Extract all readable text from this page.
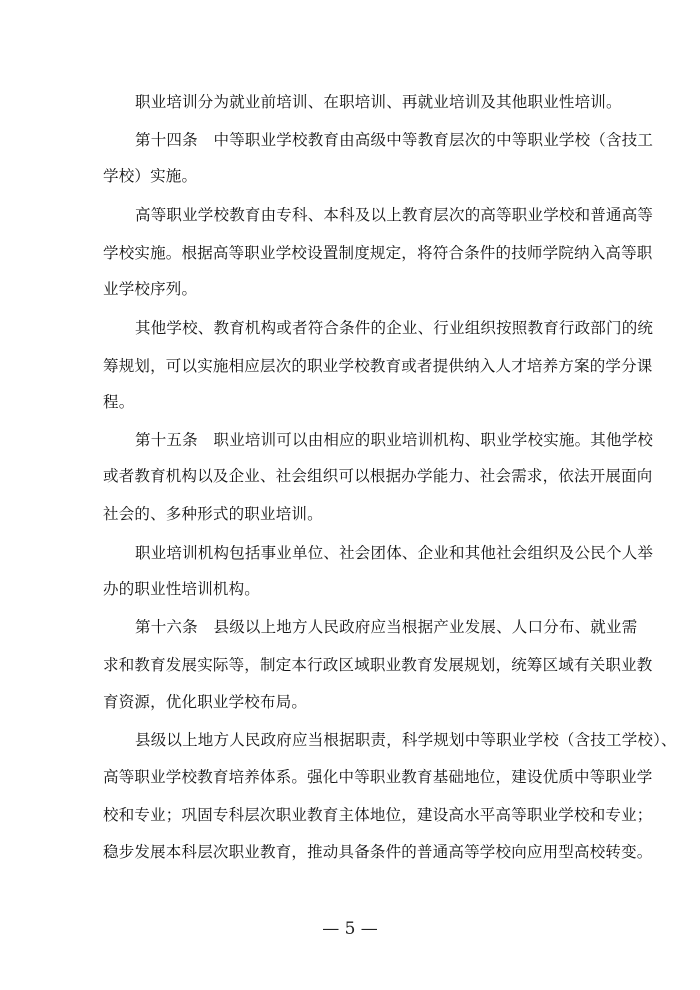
职业培训分为就业前培训、在职培训、再就业培训及其他职业性培训。
第十四条　中等职业学校教育由高级中等教育层次的中等职业学校（含技工
学校）实施。
高等职业学校教育由专科、本科及以上教育层次的高等职业学校和普通高等
学校实施。根据高等职业学校设置制度规定，将符合条件的技师学院纳入高等职
业学校序列。
其他学校、教育机构或者符合条件的企业、行业组织按照教育行政部门的统
筹规划，可以实施相应层次的职业学校教育或者提供纳入人才培养方案的学分课
程。
第十五条　职业培训可以由相应的职业培训机构、职业学校实施。其他学校
或者教育机构以及企业、社会组织可以根据办学能力、社会需求，依法开展面向
社会的、多种形式的职业培训。
职业培训机构包括事业单位、社会团体、企业和其他社会组织及公民个人举
办的职业性培训机构。
第十六条　县级以上地方人民政府应当根据产业发展、人口分布、就业需
求和教育发展实际等，制定本行政区域职业教育发展规划，统筹区域有关职业教
育资源，优化职业学校布局。
县级以上地方人民政府应当根据职责，科学规划中等职业学校（含技工学校）、
高等职业学校教育培养体系。强化中等职业教育基础地位，建设优质中等职业学
校和专业；巩固专科层次职业教育主体地位，建设高水平高等职业学校和专业；
稳步发展本科层次职业教育，推动具备条件的普通高等学校向应用型高校转变。
— 5 —
